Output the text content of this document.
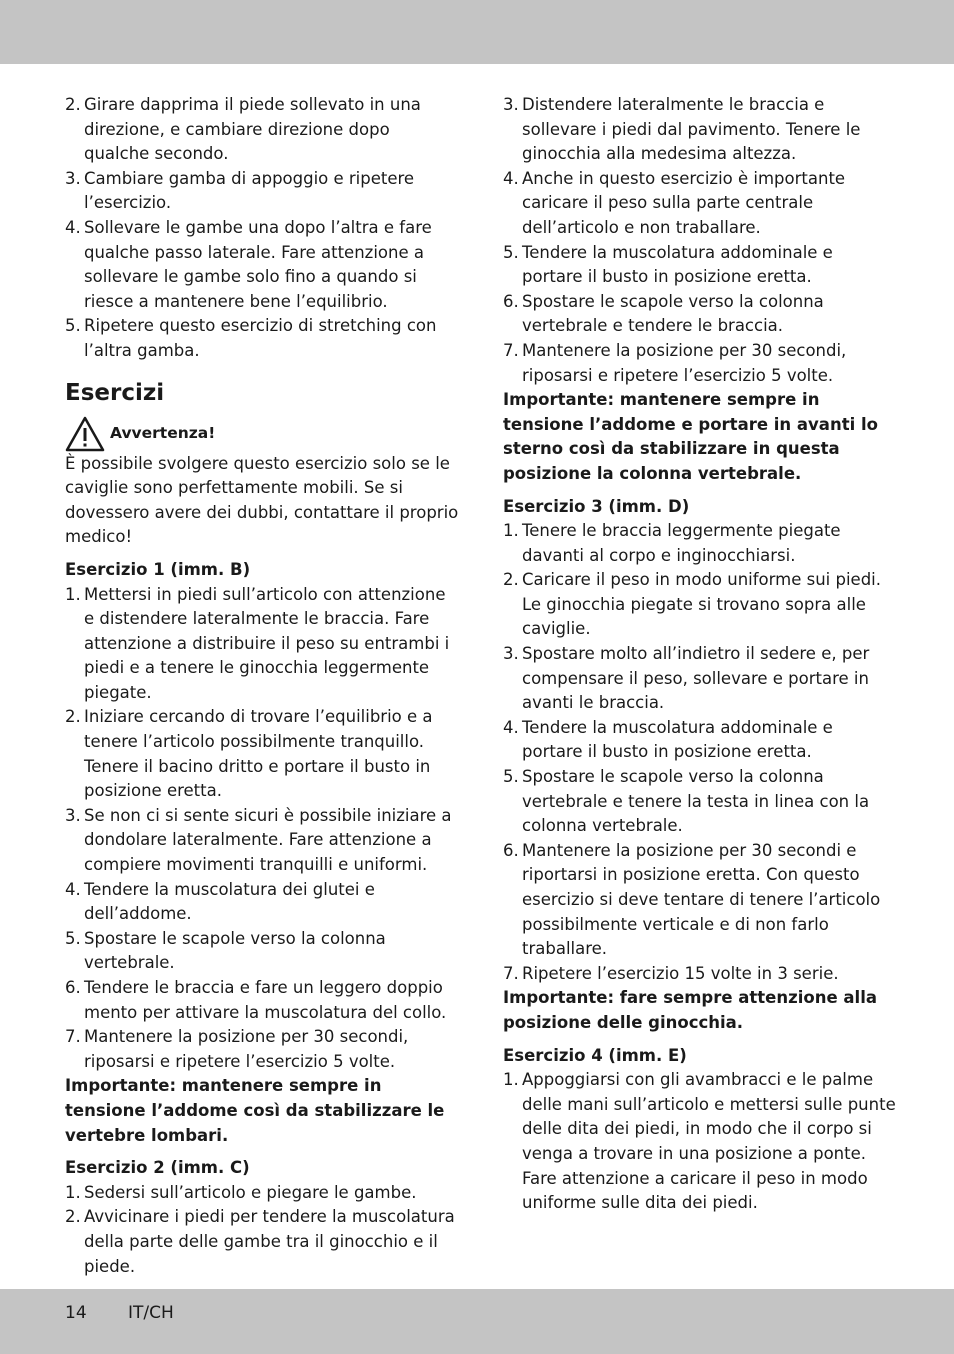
2. Girare dapprima il piede sollevato in una direzione, e cambiare direzione dopo qualche secondo.
3. Cambiare gamba di appoggio e ripetere l’esercizio.
4. Sollevare le gambe una dopo l’altra e fare qualche passo laterale. Fare attenzione a sollevare le gambe solo fino a quando si riesce a mantenere bene l’equilibrio.
5. Ripetere questo esercizio di stretching con l’altra gamba.
Esercizi
Avvertenza!

È possibile svolgere questo esercizio solo se le caviglie sono perfettamente mobili. Se si dovessero avere dei dubbi, contattare il proprio medico!

Esercizio 1 (imm. B)
1. Mettersi in piedi sull’articolo con attenzione e distendere lateralmente le braccia. Fare attenzione a distribuire il peso su entrambi i piedi e a tenere le ginocchia leggermente piegate.
2. Iniziare cercando di trovare l’equilibrio e a tenere l’articolo possibilmente tranquillo. Tenere il bacino dritto e portare il busto in posizione eretta.
3. Se non ci si sente sicuri è possibile iniziare a dondolare lateralmente. Fare attenzione a compiere movimenti tranquilli e uniformi.
4. Tendere la muscolatura dei glutei e dell’addome.
5. Spostare le scapole verso la colonna vertebrale.
6. Tendere le braccia e fare un leggero doppio mento per attivare la muscolatura del collo.
7. Mantenere la posizione per 30 secondi, riposarsi e ripetere l’esercizio 5 volte.

Importante: mantenere sempre in tensione l’addome così da stabilizzare le vertebre lombari.

Esercizio 2 (imm. C)
1. Sedersi sull’articolo e piegare le gambe.
2. Avvicinare i piedi per tendere la muscolatura della parte delle gambe tra il ginocchio e il piede.
3. Distendere lateralmente le braccia e sollevare i piedi dal pavimento. Tenere le ginocchia alla medesima altezza.
4. Anche in questo esercizio è importante caricare il peso sulla parte centrale dell’articolo e non traballare.
5. Tendere la muscolatura addominale e portare il busto in posizione eretta.
6. Spostare le scapole verso la colonna vertebrale e tendere le braccia.
7. Mantenere la posizione per 30 secondi, riposarsi e ripetere l’esercizio 5 volte.

Importante: mantenere sempre in tensione l’addome e portare in avanti lo sterno così da stabilizzare in questa posizione la colonna vertebrale.

Esercizio 3 (imm. D)
1. Tenere le braccia leggermente piegate davanti al corpo e inginocchiarsi.
2. Caricare il peso in modo uniforme sui piedi. Le ginocchia piegate si trovano sopra alle caviglie.
3. Spostare molto all’indietro il sedere e, per compensare il peso, sollevare e portare in avanti le braccia.
4. Tendere la muscolatura addominale e portare il busto in posizione eretta.
5. Spostare le scapole verso la colonna vertebrale e tenere la testa in linea con la colonna vertebrale.
6. Mantenere la posizione per 30 secondi e riportarsi in posizione eretta. Con questo esercizio si deve tentare di tenere l’articolo possibilmente verticale e di non farlo traballare.
7. Ripetere l’esercizio 15 volte in 3 serie.

Importante: fare sempre attenzione alla posizione delle ginocchia.

Esercizio 4 (imm. E)
1. Appoggiarsi con gli avambracci e le palme delle mani sull’articolo e mettersi sulle punte delle dita dei piedi, in modo che il corpo si venga a trovare in una posizione a ponte. Fare attenzione a caricare il peso in modo uniforme sulle dita dei piedi.
14 IT/CH
